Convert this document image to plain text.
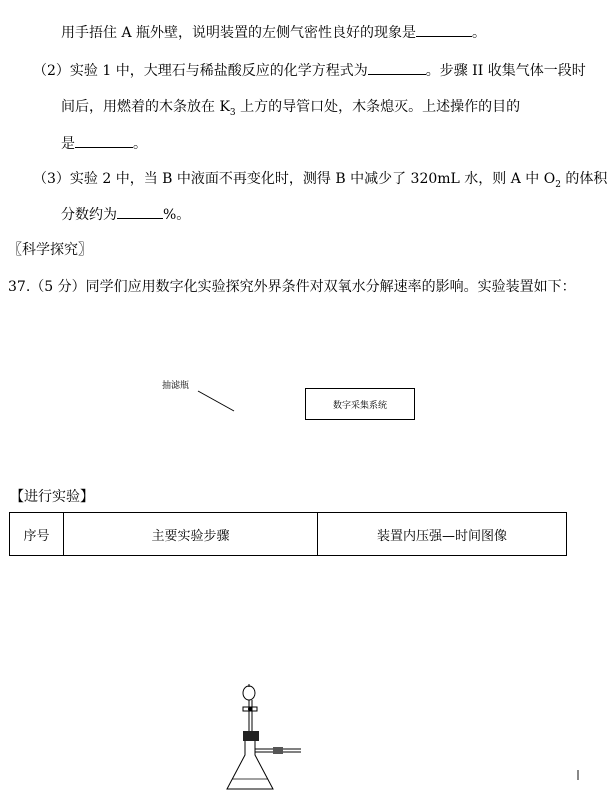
用手捂住 A 瓶外壁，说明装置的左侧气密性良好的现象是	。
（2）实验 1 中，大理石与稀盐酸反应的化学方程式为	。步骤 II 收集气体一段时
间后，用燃着的木条放在 $K_3$ 上方的导管口处，木条熄灭。上述操作的目的
是	。
（3）实验 2 中，当 B 中液面不再变化时，测得 B 中减少了 320mL 水，则 A 中 $O_2$ 的体积
分数约为	%。
〖科学探究〗
37.（5 分）同学们应用数字化实验探究外界条件对双氧水分解速率的影响。实验装置如下：
抽滤瓶
数字采集系统
【进行实验】
序号	主要实验步骤	装置内压强—时间图像
